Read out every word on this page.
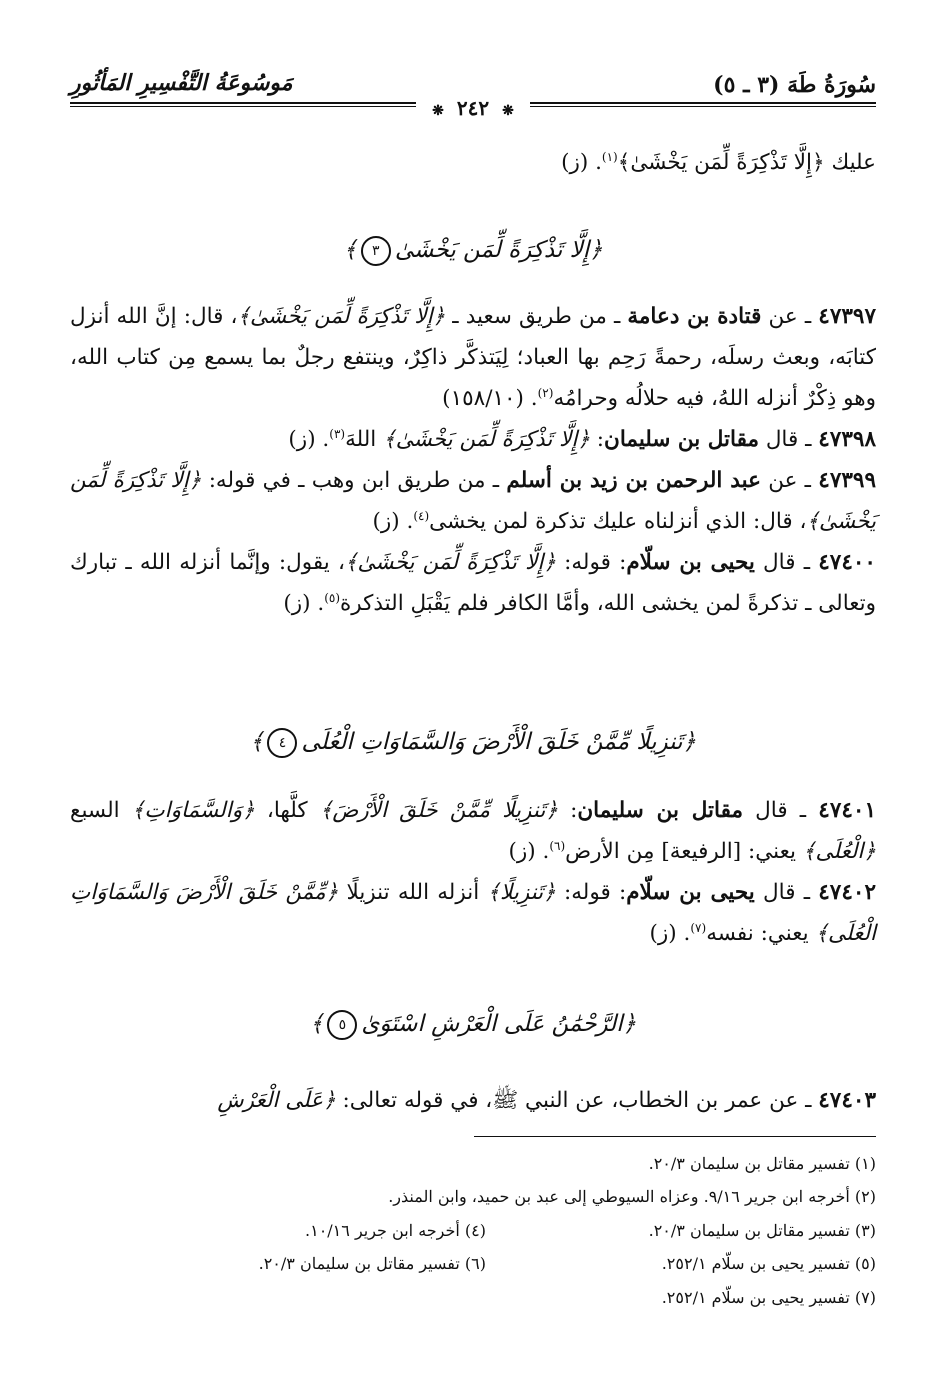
سُورَةُ طَهَ (٣ ـ ٥)
مَوسُوعَةُ التَّفْسِيرِ المَأثُورِ
❋ ٢٤٢ ❋

عليك ﴿إِلَّا تَذْكِرَةً لِّمَن يَخْشَىٰ﴾$^{(١)}$. (ز)

﴿إِلَّا تَذْكِرَةً لِّمَن يَخْشَىٰ٣﴾

٤٧٣٩٧ ـ عن قتادة بن دعامة ـ من طريق سعيد ـ ﴿إِلَّا تَذْكِرَةً لِّمَن يَخْشَىٰ﴾، قال: إنَّ الله أنزل كتابَه، وبعث رسلَه، رحمةً رَحِم بها العباد؛ لِيَتذكَّر ذاكِرٌ، وينتفع رجلٌ بما يسمع مِن كتاب الله، وهو ذِكْرٌ أنزله اللهُ، فيه حلالُه وحرامُه$^{(٢)}$. (١٥٨/١٠)

٤٧٣٩٨ ـ قال مقاتل بن سليمان: ﴿إِلَّا تَذْكِرَةً لِّمَن يَخْشَىٰ﴾ اللهَ$^{(٣)}$. (ز)

٤٧٣٩٩ ـ عن عبد الرحمن بن زيد بن أسلم ـ من طريق ابن وهب ـ في قوله: ﴿إِلَّا تَذْكِرَةً لِّمَن يَخْشَىٰ﴾، قال: الذي أنزلناه عليك تذكرة لمن يخشى$^{(٤)}$. (ز)

٤٧٤٠٠ ـ قال يحيى بن سلّام: قوله: ﴿إِلَّا تَذْكِرَةً لِّمَن يَخْشَىٰ﴾، يقول: وإنَّما أنزله الله ـ تبارك وتعالى ـ تذكرةً لمن يخشى الله، وأمَّا الكافر فلم يَقْبَلِ التذكرة$^{(٥)}$. (ز)

﴿تَنزِيلًا مِّمَّنْ خَلَقَ الْأَرْضَ وَالسَّمَاوَاتِ الْعُلَى٤﴾

٤٧٤٠١ ـ قال مقاتل بن سليمان: ﴿تَنزِيلًا مِّمَّنْ خَلَقَ الْأَرْضَ﴾ كلَّها، ﴿وَالسَّمَاوَاتِ﴾ السبع ﴿الْعُلَى﴾ يعني: [الرفيعة] مِن الأرض$^{(٦)}$. (ز)

٤٧٤٠٢ ـ قال يحيى بن سلّام: قوله: ﴿تَنزِيلًا﴾ أنزله الله تنزيلًا ﴿مِّمَّنْ خَلَقَ الْأَرْضَ وَالسَّمَاوَاتِ الْعُلَى﴾ يعني: نفسه$^{(٧)}$. (ز)

﴿الرَّحْمَٰنُ عَلَى الْعَرْشِ اسْتَوَىٰ٥﴾

٤٧٤٠٣ ـ عن عمر بن الخطاب، عن النبي ﷺ، في قوله تعالى: ﴿عَلَى الْعَرْشِ

(١) تفسير مقاتل بن سليمان ٢٠/٣.
(٢) أخرجه ابن جرير ٩/١٦. وعزاه السيوطي إلى عبد بن حميد، وابن المنذر.
(٣) تفسير مقاتل بن سليمان ٢٠/٣.
(٤) أخرجه ابن جرير ١٠/١٦.
(٥) تفسير يحيى بن سلّام ٢٥٢/١.
(٦) تفسير مقاتل بن سليمان ٢٠/٣.
(٧) تفسير يحيى بن سلّام ٢٥٢/١.
